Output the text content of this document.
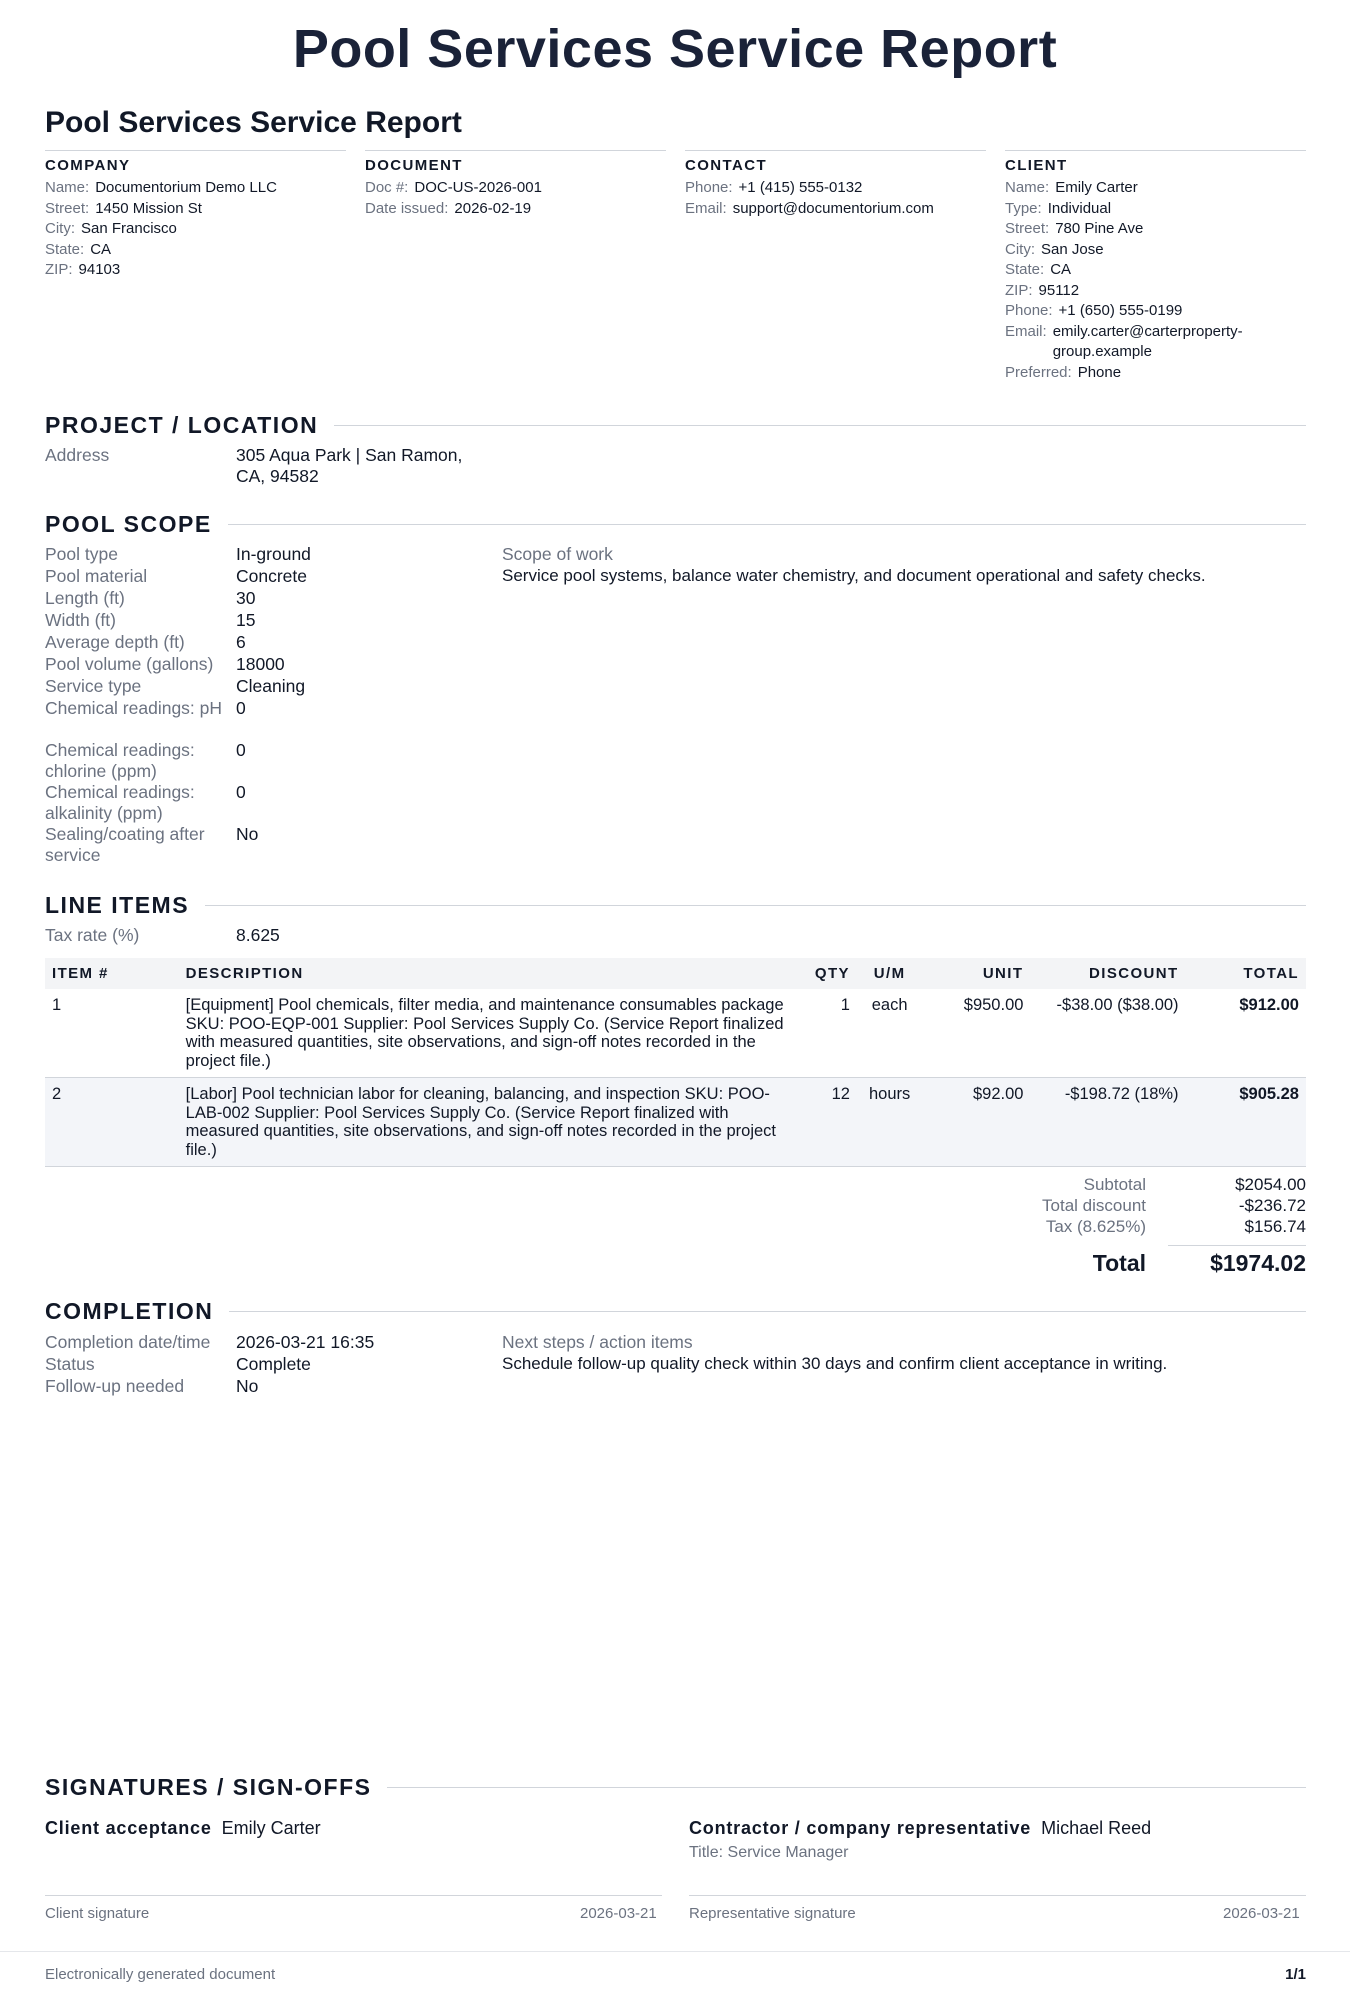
Pool Services Service Report
Pool Services Service Report
COMPANY
Name: Documentorium Demo LLC
Street: 1450 Mission St
City: San Francisco
State: CA
ZIP: 94103
DOCUMENT
Doc #: DOC-US-2026-001
Date issued: 2026-02-19
CONTACT
Phone: +1 (415) 555-0132
Email: support@documentorium.com
CLIENT
Name: Emily Carter
Type: Individual
Street: 780 Pine Ave
City: San Jose
State: CA
ZIP: 95112
Phone: +1 (650) 555-0199
Email: emily.carter@carterproperty-group.example
Preferred: Phone
PROJECT / LOCATION
Address	305 Aqua Park | San Ramon, CA, 94582
POOL SCOPE
Pool type	In-ground
Pool material	Concrete
Length (ft)	30
Width (ft)	15
Average depth (ft)	6
Pool volume (gallons)	18000
Service type	Cleaning
Chemical readings: pH 0
Chemical readings: chlorine (ppm)
0
Chemical readings: alkalinity (ppm)
0
Sealing/coating after service
No
Scope of work
Service pool systems, balance water chemistry, and document operational and safety checks.
LINE ITEMS
Tax rate (%)	8.625
ITEM #	DESCRIPTION	QTY	U/M	UNIT	DISCOUNT	TOTAL
1	[Equipment] Pool chemicals, filter media, and maintenance consumables package SKU: POO-EQP-001 Supplier: Pool Services Supply Co. (Service Report finalized with measured quantities, site observations, and sign-off notes recorded in the project file.)	1	each	$950.00	-$38.00 ($38.00)	$912.00
2	[Labor] Pool technician labor for cleaning, balancing, and inspection SKU: POO-LAB-002 Supplier: Pool Services Supply Co. (Service Report finalized with measured quantities, site observations, and sign-off notes recorded in the project file.)	12	hours	$92.00	-$198.72 (18%)	$905.28
Subtotal	$2054.00
Total discount	-$236.72
Tax (8.625%)	$156.74
Total	$1974.02
COMPLETION
Completion date/time	2026-03-21 16:35
Status	Complete
Follow-up needed	No
Next steps / action items
Schedule follow-up quality check within 30 days and confirm client acceptance in writing.
SIGNATURES / SIGN-OFFS
Client acceptance Emily Carter	Contractor / company representative Michael Reed
Title: Service Manager
Client signature	2026-03-21 Representative signature	2026-03-21
Electronically generated document	1/1
